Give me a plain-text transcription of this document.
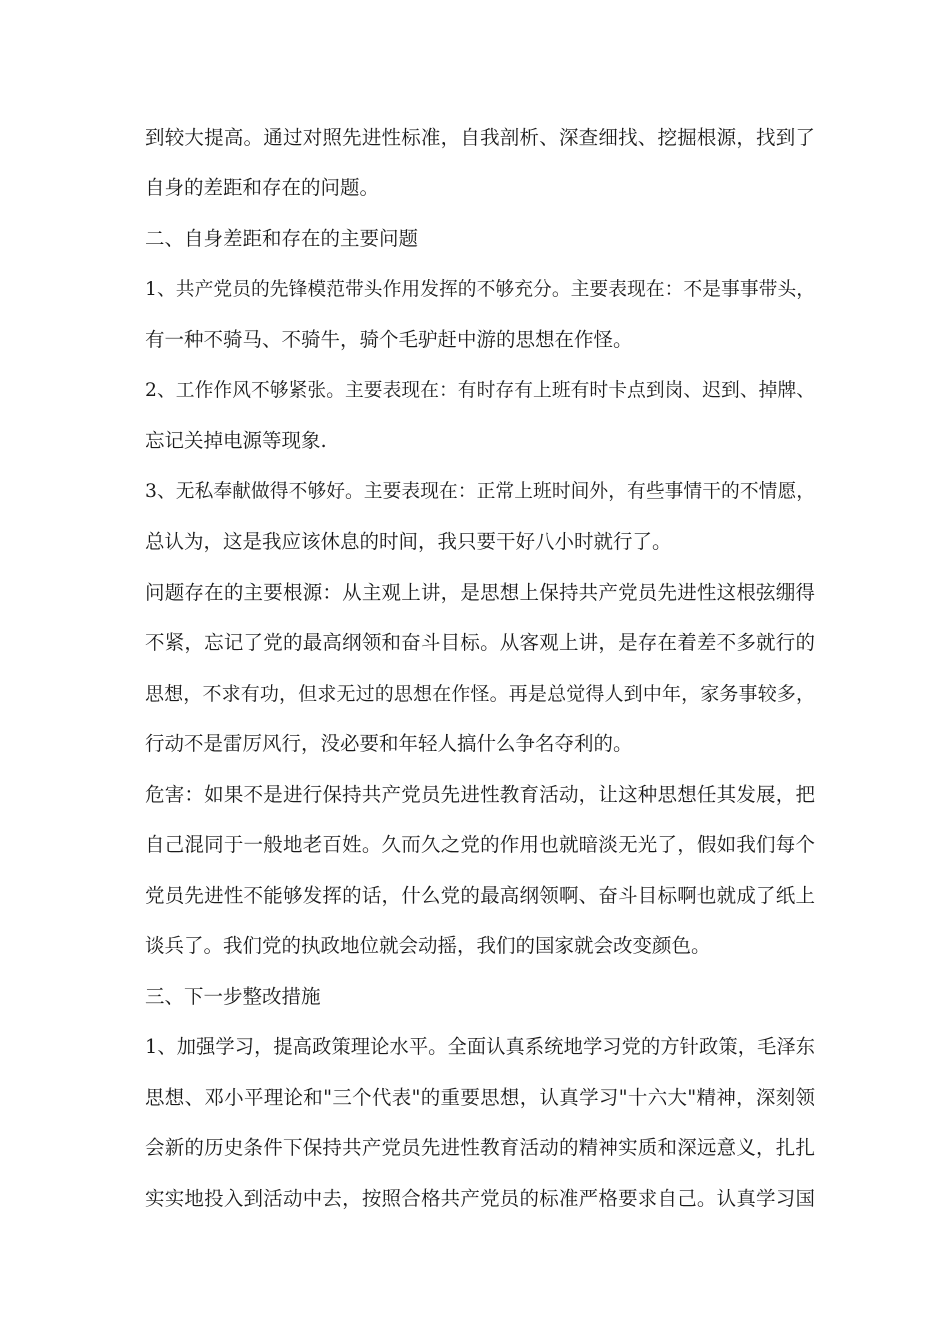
到较大提高。通过对照先进性标准，自我剖析、深查细找、挖掘根源，找到了
自身的差距和存在的问题。
二、自身差距和存在的主要问题
1、共产党员的先锋模范带头作用发挥的不够充分。主要表现在：不是事事带头，
有一种不骑马、不骑牛，骑个毛驴赶中游的思想在作怪。
2、工作作风不够紧张。主要表现在：有时存有上班有时卡点到岗、迟到、掉牌、
忘记关掉电源等现象.
3、无私奉献做得不够好。主要表现在：正常上班时间外，有些事情干的不情愿，
总认为，这是我应该休息的时间，我只要干好八小时就行了。
问题存在的主要根源：从主观上讲，是思想上保持共产党员先进性这根弦绷得
不紧，忘记了党的最高纲领和奋斗目标。从客观上讲，是存在着差不多就行的
思想，不求有功，但求无过的思想在作怪。再是总觉得人到中年，家务事较多，
行动不是雷厉风行，没必要和年轻人搞什么争名夺利的。
危害：如果不是进行保持共产党员先进性教育活动，让这种思想任其发展，把
自己混同于一般地老百姓。久而久之党的作用也就暗淡无光了，假如我们每个
党员先进性不能够发挥的话，什么党的最高纲领啊、奋斗目标啊也就成了纸上
谈兵了。我们党的执政地位就会动摇，我们的国家就会改变颜色。
三、下一步整改措施
1、加强学习，提高政策理论水平。全面认真系统地学习党的方针政策，毛泽东
思想、邓小平理论和"三个代表"的重要思想，认真学习"十六大"精神，深刻领
会新的历史条件下保持共产党员先进性教育活动的精神实质和深远意义，扎扎
实实地投入到活动中去，按照合格共产党员的标准严格要求自己。认真学习国
